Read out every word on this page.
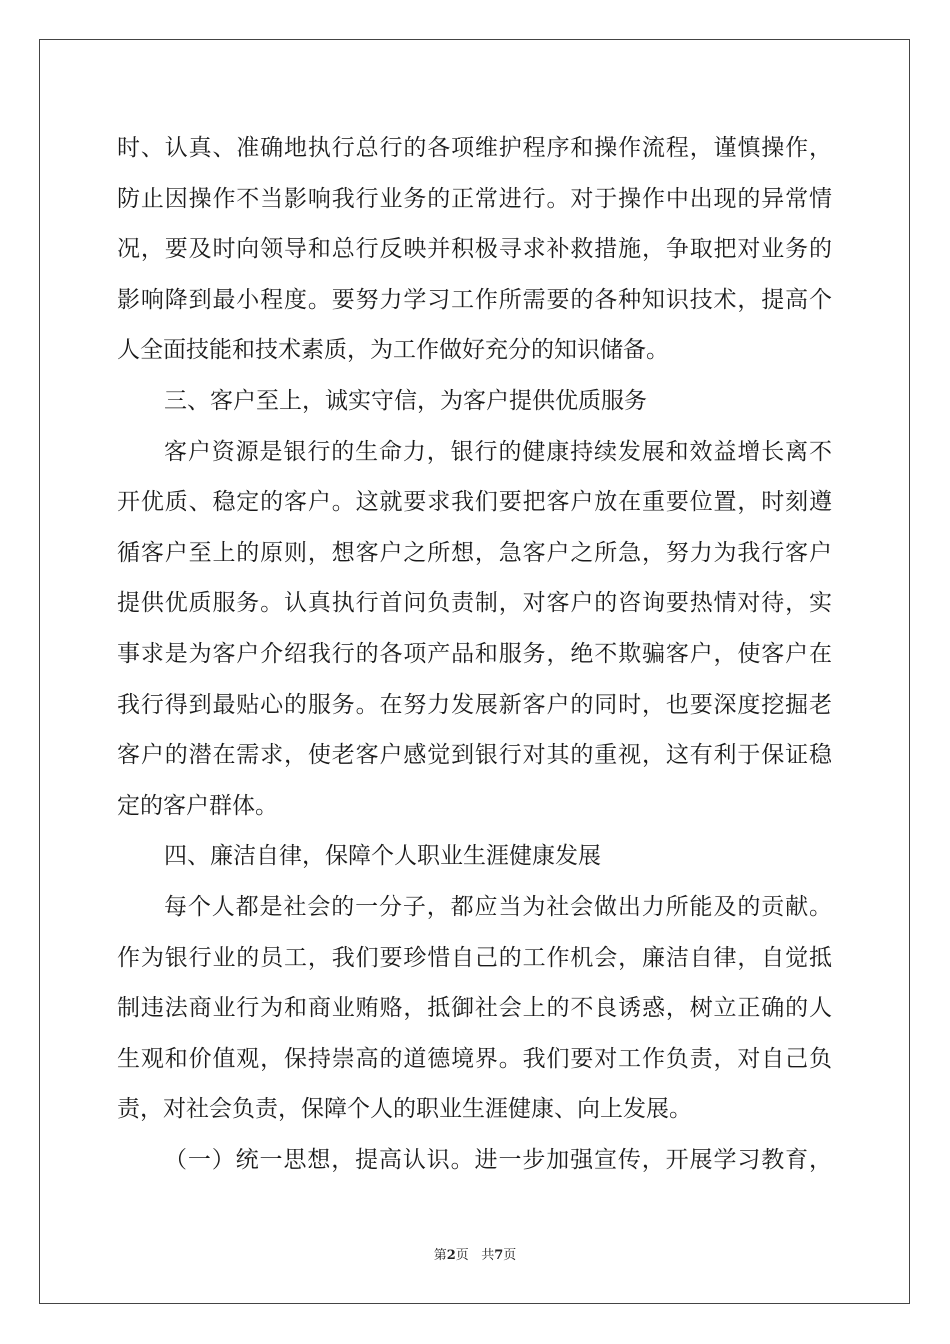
时、认真、准确地执行总行的各项维护程序和操作流程，谨慎操作，
防止因操作不当影响我行业务的正常进行。对于操作中出现的异常情
况，要及时向领导和总行反映并积极寻求补救措施，争取把对业务的
影响降到最小程度。要努力学习工作所需要的各种知识技术，提高个
人全面技能和技术素质，为工作做好充分的知识储备。
三、客户至上，诚实守信，为客户提供优质服务
客户资源是银行的生命力，银行的健康持续发展和效益增长离不
开优质、稳定的客户。这就要求我们要把客户放在重要位置，时刻遵
循客户至上的原则，想客户之所想，急客户之所急，努力为我行客户
提供优质服务。认真执行首问负责制，对客户的咨询要热情对待，实
事求是为客户介绍我行的各项产品和服务，绝不欺骗客户，使客户在
我行得到最贴心的服务。在努力发展新客户的同时，也要深度挖掘老
客户的潜在需求，使老客户感觉到银行对其的重视，这有利于保证稳
定的客户群体。
四、廉洁自律，保障个人职业生涯健康发展
每个人都是社会的一分子，都应当为社会做出力所能及的贡献。
作为银行业的员工，我们要珍惜自己的工作机会，廉洁自律，自觉抵
制违法商业行为和商业贿赂，抵御社会上的不良诱惑，树立正确的人
生观和价值观，保持崇高的道德境界。我们要对工作负责，对自己负
责，对社会负责，保障个人的职业生涯健康、向上发展。
（一）统一思想，提高认识。进一步加强宣传，开展学习教育，
第2页 共7页
